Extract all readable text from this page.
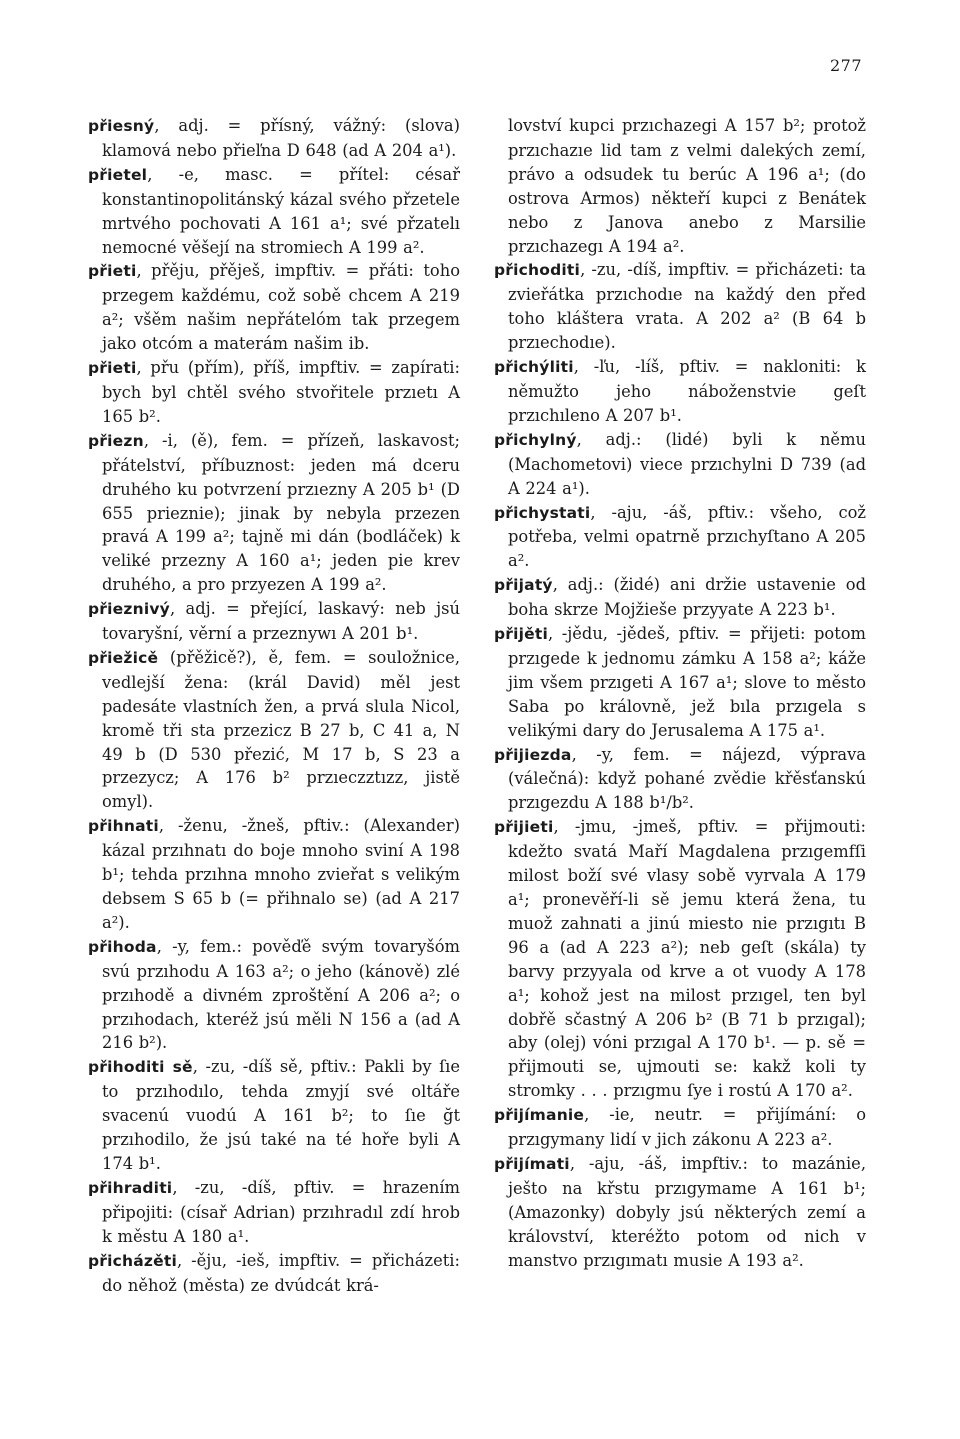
277
přiesný, adj. = přísný, vážný: (slova) klamová nebo přieľna D 648 (ad A 204 a¹).
přietel, -e, masc. = přítel: césař konstantinopolitánský kázal svého přzetele mrtvého pochovati A 161 a¹; své přzatelı nemocné věšejí na stromiech A 199 a².
přieti, přěju, přěješ, impftiv. = přáti: toho przegem každému, což sobě chcem A 219 a²; všěm našim nepřátelóm tak przegem jako otcóm a materám našim ib.
přieti, přu (přím), příš, impftiv. = zapírati: bych byl chtěl svého stvořitele przıetı A 165 b².
přiezn, -i, (ě), fem. = přízeň, laskavost; přátelství, příbuznost: jeden má dceru druhého ku potvrzení przıezny A 205 b¹ (D 655 prieznie); jinak by nebyla przezen pravá A 199 a²; tajně mi dán (bodláček) k veliké przezny A 160 a¹; jeden pie krev druhého, a pro przyezen A 199 a².
přieznivý, adj. = přející, laskavý: neb jsú tovaryšní, věrní a przeznywı A 201 b¹.
přiežicě (přěžicě?), ě, fem. = souložnice, vedlejší žena: (král David) měl jest padesáte vlastních žen, a prvá slula Nicol, kromě tři sta przezicz B 27 b, C 41 a, N 49 b (D 530 přezić, M 17 b, S 23 a przezycz; A 176 b² przıeczztızz, jistě omyl).
přihnati, -ženu, -žneš, pftiv.: (Alexander) kázal przıhnatı do boje mnoho sviní A 198 b¹; tehda przıhna mnoho zvieřat s velikým debsem S 65 b (= přihnalo se) (ad A 217 a²).
přihoda, -y, fem.: pověďě svým tovaryšóm svú przıhodu A 163 a²; o jeho (kánově) zlé przıhodě a divném zproštění A 206 a²; o przıhodach, kteréž jsú měli N 156 a (ad A 216 b²).
přihoditi sě, -zu, -díš sě, pftiv.: Pakli by ſıe to przıhodılo, tehda zmyjí své oltáře svacenú vuodú A 161 b²; to ſıe ğt przıhodilo, že jsú také na té hoře byli A 174 b¹.
přihraditi, -zu, -díš, pftiv. = hrazením připojiti: (císař Adrian) przıhradıl zdí hrob k městu A 180 a¹.
přicházěti, -ěju, -ieš, impftiv. = přicházeti: do něhož (města) ze dvúdcát krá-
lovství kupci przıchazegi A 157 b²; protož przıchazıe lid tam z velmi dalekých zemí, právo a odsudek tu berúc A 196 a¹; (do ostrova Armos) někteří kupci z Benátek nebo z Janova anebo z Marsilie przıchazegı A 194 a².
přichoditi, -zu, -díš, impftiv. = přicházeti: ta zvieřátka przıchodıe na každý den před toho kláštera vrata. A 202 a² (B 64 b przıechodıe).
přichýliti, -ľu, -líš, pftiv. = nakloniti: k němužto jeho náboženstvie geſt przıchıleno A 207 b¹.
přichylný, adj.: (lidé) byli k němu (Machometovi) viece przıchylni D 739 (ad A 224 a¹).
přichystati, -aju, -áš, pftiv.: všeho, což potřeba, velmi opatrně przıchyſtano A 205 a².
přijatý, adj.: (židé) ani držie ustavenie od boha skrze Mojžieše przyyate A 223 b¹.
přijěti, -jědu, -jědeš, pftiv. = přijeti: potom przıgede k jednomu zámku A 158 a²; káže jim všem przıgeti A 167 a¹; slove to město Saba po královně, jež bıla przıgela s velikými dary do Jerusalema A 175 a¹.
přijiezda, -y, fem. = nájezd, výprava (válečná): když pohané zvědie křěsťanskú przıgezdu A 188 b¹/b².
přijieti, -jmu, -jmeš, pftiv. = přijmouti: kdežto svatá Maří Magdalena przıgemfſi milost boží své vlasy sobě vyrvala A 179 a¹; pronevěří-li sě jemu která žena, tu muož zahnati a jinú miesto nie przıgıtı B 96 a (ad A 223 a²); neb geſt (skála) ty barvy przyyala od krve a ot vuody A 178 a¹; kohož jest na milost przıgel, ten byl dobřě sčastný A 206 b² (B 71 b przıgal); aby (olej) vóni przıgal A 170 b¹. — p. sě = přijmouti se, ujmouti se: kakž koli ty stromky . . . przıgmu ſye i rostú A 170 a².
přijímanie, -ie, neutr. = přijímání: o przıgymany lidí v jich zákonu A 223 a².
přijímati, -aju, -áš, impftiv.: to mazánie, ješto na křstu przıgymame A 161 b¹; (Amazonky) dobyly jsú některých zemí a království, kteréžto potom od nich v manstvo przıgımatı musie A 193 a².
